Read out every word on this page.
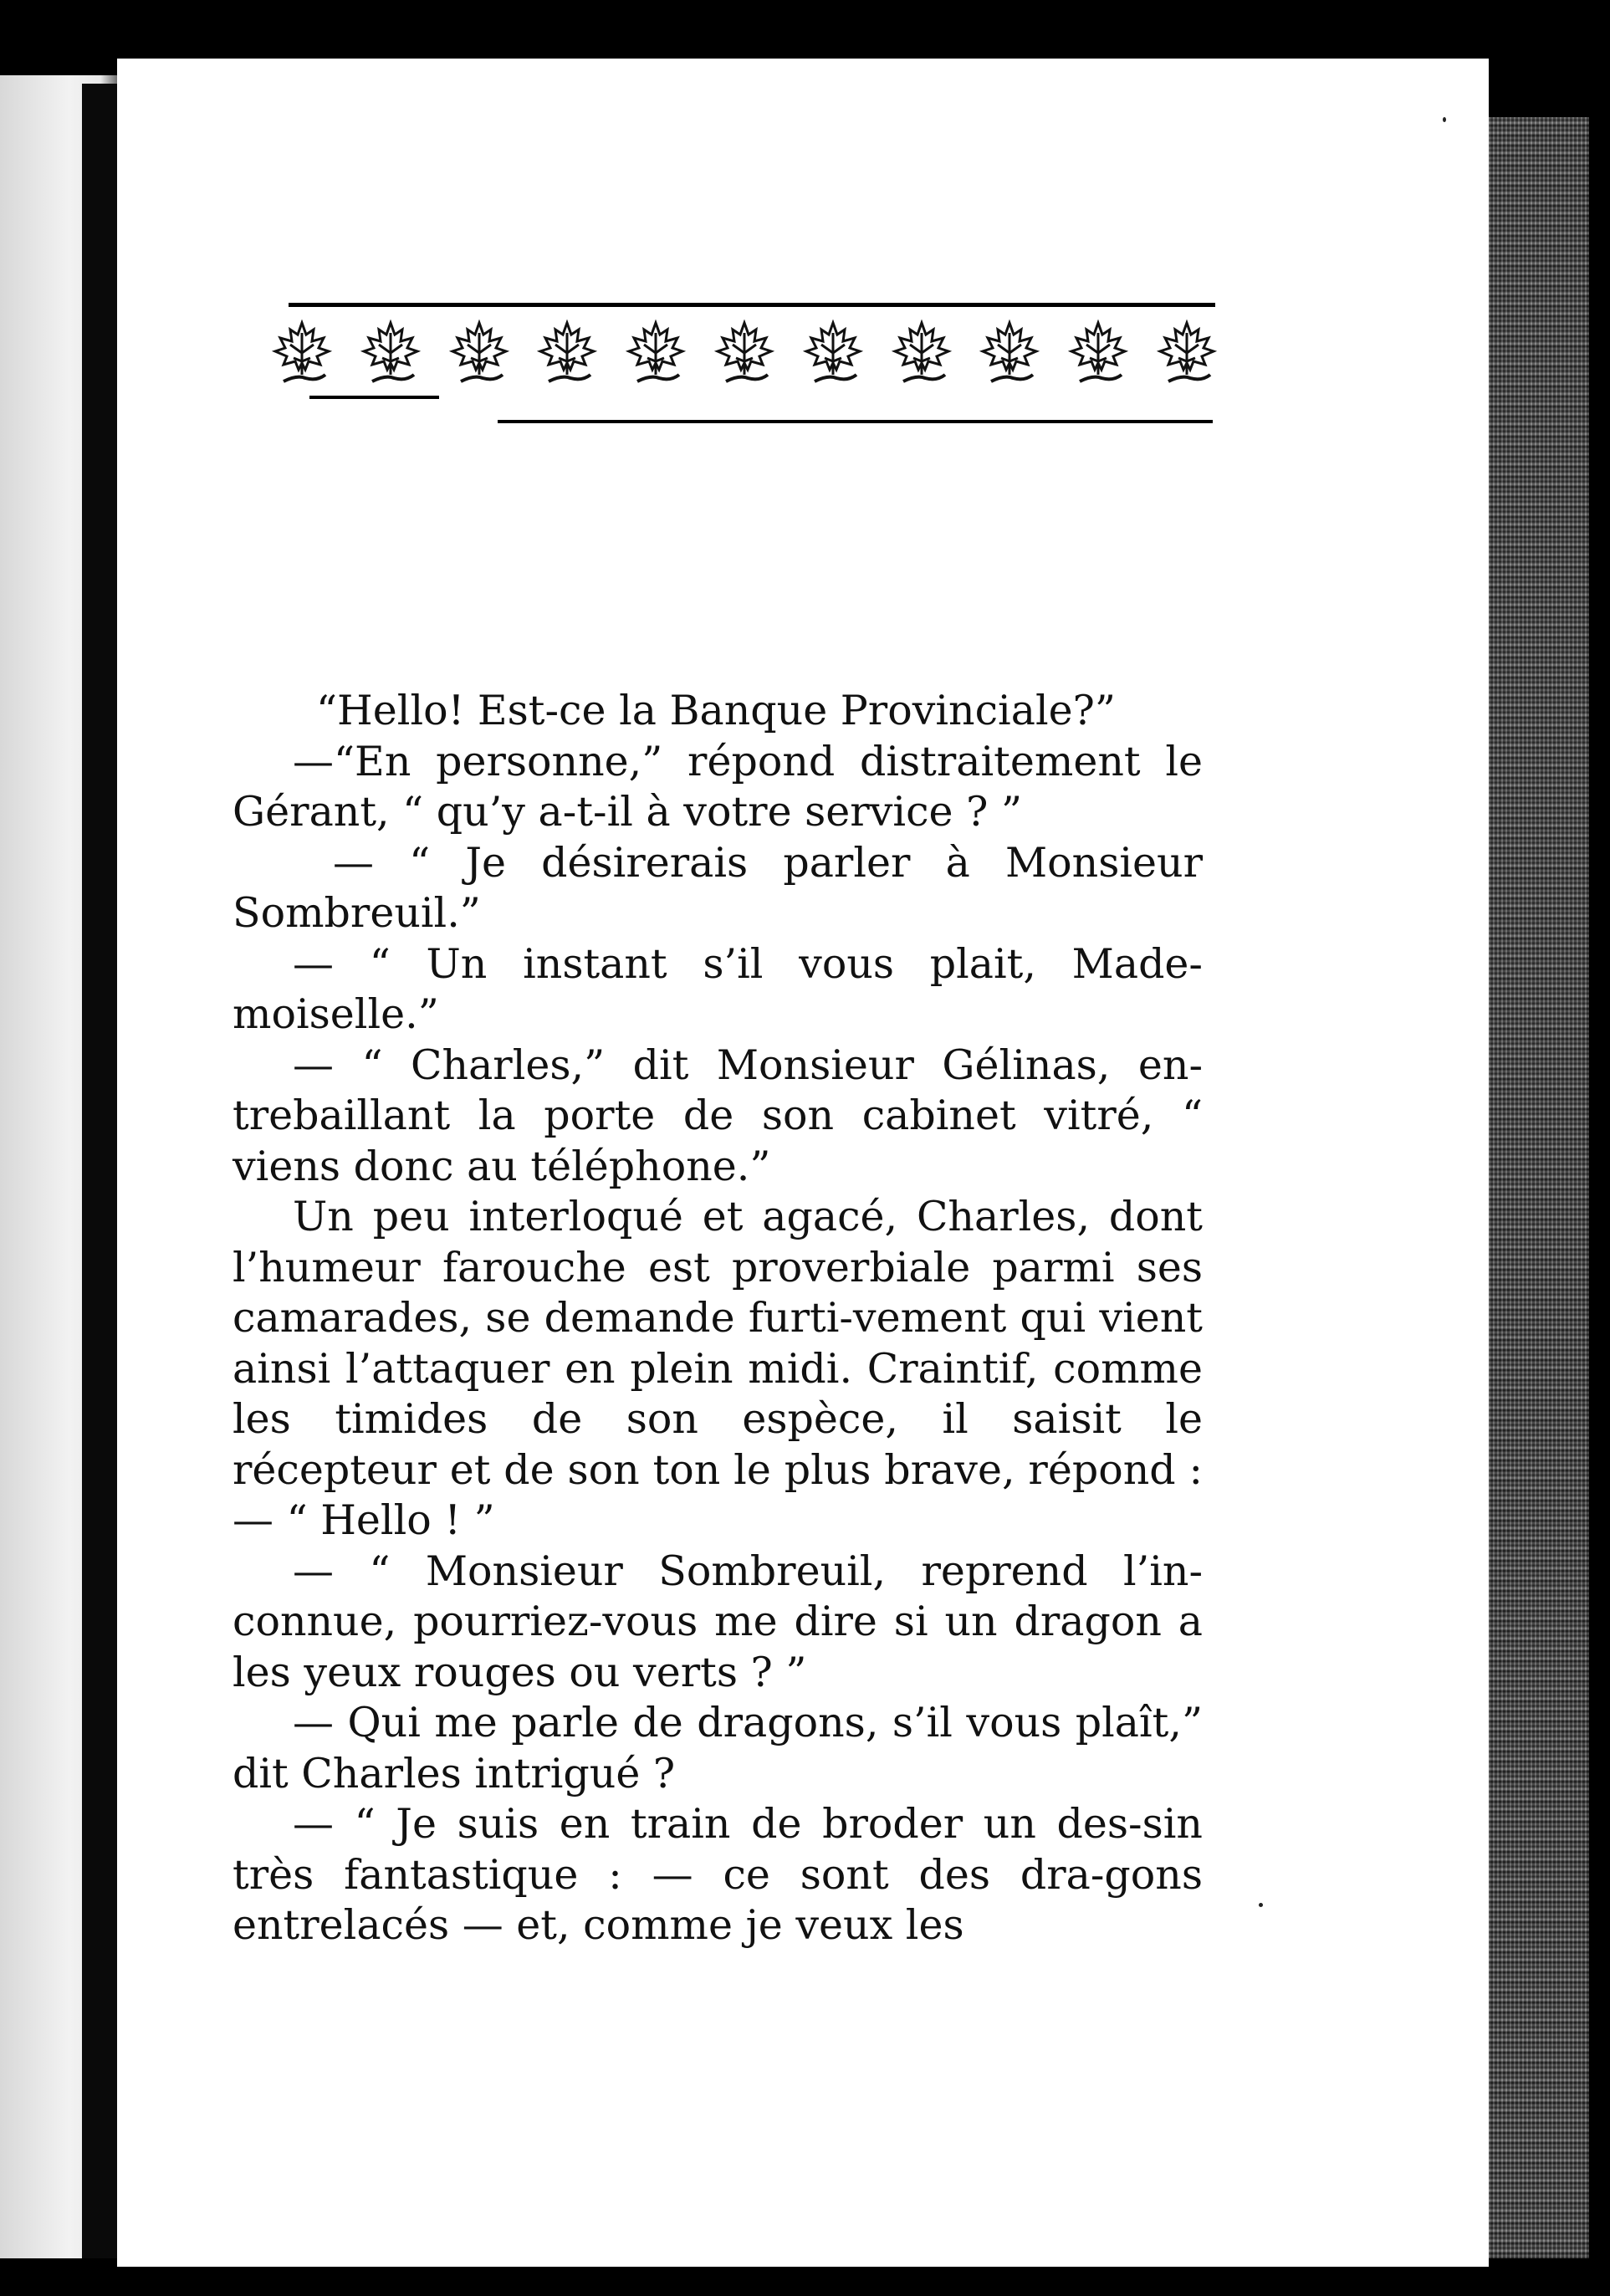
“Hello! Est-ce la Banque Provinciale?”

—“En personne,” répond distraitement le Gérant, “ qu’y a-t-il à votre service ? ”

— “ Je désirerais parler à Monsieur Sombreuil.”

— “ Un instant s’il vous plait, Made-moiselle.”

— “ Charles,” dit Monsieur Gélinas, en-trebaillant la porte de son cabinet vitré, “ viens donc au téléphone.”

Un peu interloqué et agacé, Charles, dont l’humeur farouche est proverbiale parmi ses camarades, se demande furti-vement qui vient ainsi l’attaquer en plein midi. Craintif, comme les timides de son espèce, il saisit le récepteur et de son ton le plus brave, répond : — “ Hello ! ”

— “ Monsieur Sombreuil, reprend l’in-connue, pourriez-vous me dire si un dragon a les yeux rouges ou verts ? ”

— Qui me parle de dragons, s’il vous plaît,” dit Charles intrigué ?

— “ Je suis en train de broder un des-sin très fantastique : — ce sont des dra-gons entrelacés — et, comme je veux les
